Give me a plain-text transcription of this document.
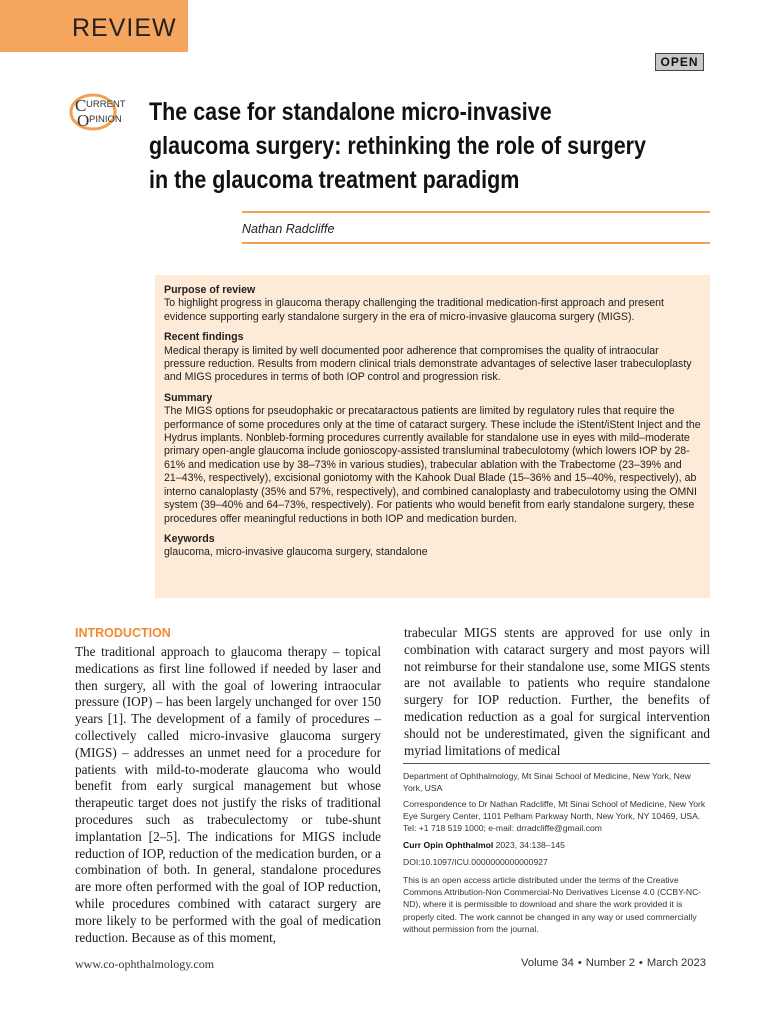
REVIEW
OPEN
C URRENT
O PINION The case for standalone micro-invasive glaucoma surgery: rethinking the role of surgery in the glaucoma treatment paradigm
Nathan Radcliffe

Purpose of review

To highlight progress in glaucoma therapy challenging the traditional medication-first approach and present evidence supporting early standalone surgery in the era of micro-invasive glaucoma surgery (MIGS).

Recent findings

Medical therapy is limited by well documented poor adherence that compromises the quality of intraocular pressure reduction. Results from modern clinical trials demonstrate advantages of selective laser trabeculoplasty and MIGS procedures in terms of both IOP control and progression risk.

Summary

The MIGS options for pseudophakic or precataractous patients are limited by regulatory rules that require the performance of some procedures only at the time of cataract surgery. These include the iStent/iStent Inject and the Hydrus implants. Nonbleb-forming procedures currently available for standalone use in eyes with mild–moderate primary open-angle glaucoma include gonioscopy-assisted transluminal trabeculotomy (which lowers IOP by 28-61% and medication use by 38–73% in various studies), trabecular ablation with the Trabectome (23–39% and 21–43%, respectively), excisional goniotomy with the Kahook Dual Blade (15–36% and 15–40%, respectively), ab interno canaloplasty (35% and 57%, respectively), and combined canaloplasty and trabeculotomy using the OMNI system (39–40% and 64–73%, respectively). For patients who would benefit from early standalone surgery, these procedures offer meaningful reductions in both IOP and medication burden.

Keywords

glaucoma, micro-invasive glaucoma surgery, standalone

INTRODUCTION

The traditional approach to glaucoma therapy – topical medications as first line followed if needed by laser and then surgery, all with the goal of lowering intraocular pressure (IOP) – has been largely unchanged for over 150 years [1]. The development of a family of procedures –collectively called micro-invasive glaucoma surgery (MIGS) – addresses an unmet need for a procedure for patients with mild-to-moderate glaucoma who would benefit from early surgical management but whose therapeutic target does not justify the risks of traditional procedures such as trabeculectomy or tube-shunt implantation [2–5]. The indications for MIGS include reduction of IOP, reduction of the medication burden, or a combination of both. In general, standalone procedures are more often performed with the goal of IOP reduction, while procedures combined with cataract surgery are more likely to be performed with the goal of medication reduction. Because as of this moment,

trabecular MIGS stents are approved for use only in combination with cataract surgery and most payors will not reimburse for their standalone use, some MIGS stents are not available to patients who require standalone surgery for IOP reduction. Further, the benefits of medication reduction as a goal for surgical intervention should not be underestimated, given the significant and myriad limitations of medical

Department of Ophthalmology, Mt Sinai School of Medicine, New York, New York, USA

Correspondence to Dr Nathan Radcliffe, Mt Sinai School of Medicine, New York Eye Surgery Center, 1101 Pelham Parkway North, New York, NY 10469, USA. Tel: +1 718 519 1000; e-mail: drradcliffe@gmail.com

Curr Opin Ophthalmol 2023, 34:138–145

DOI:10.1097/ICU.0000000000000927

This is an open access article distributed under the terms of the Creative Commons Attribution-Non Commercial-No Derivatives License 4.0 (CCBY-NC-ND), where it is permissible to download and share the work provided it is properly cited. The work cannot be changed in any way or used commercially without permission from the journal.

www.co-ophthalmology.com	Volume 34 • Number 2 • March 2023
